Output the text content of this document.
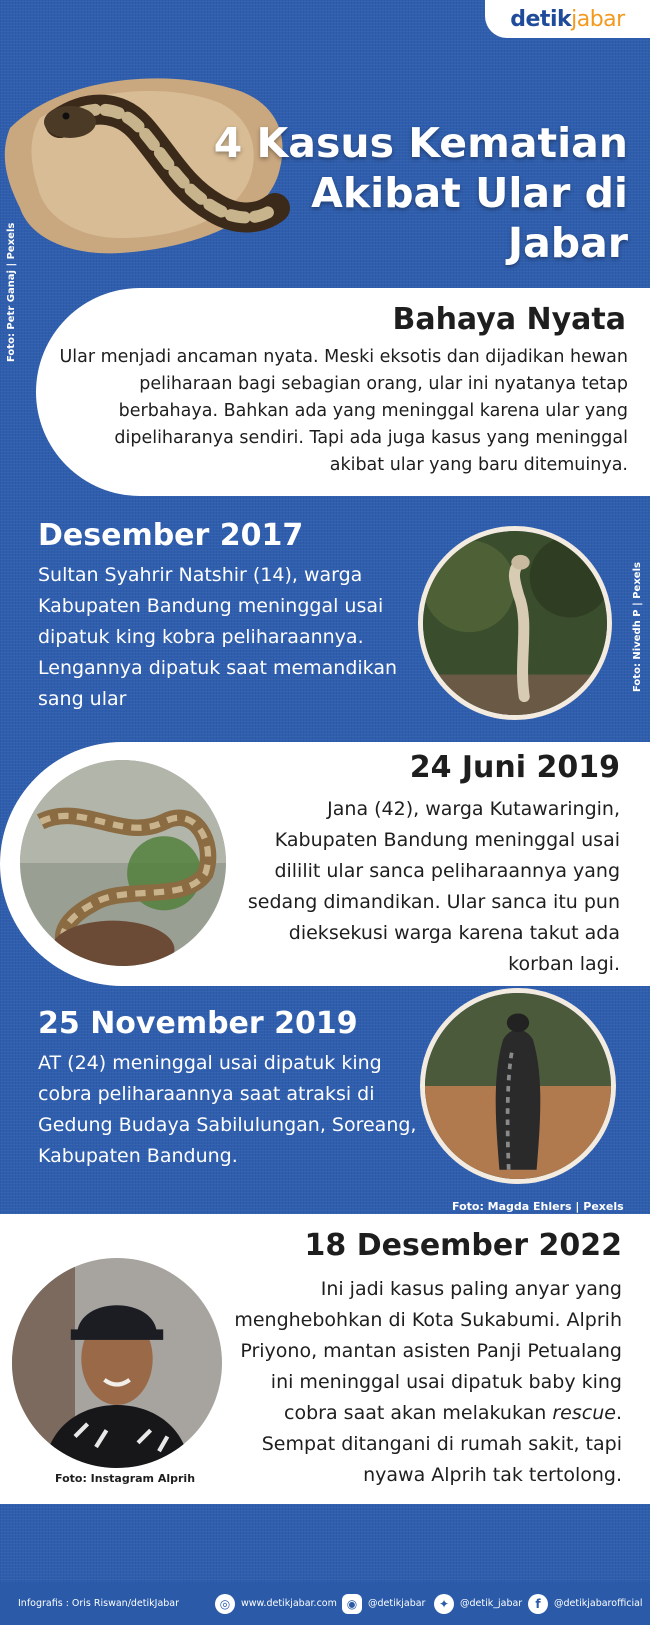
detik jabar
4 Kasus Kematian
Akibat Ular di Jabar
Foto: Petr Ganaj | Pexels	Bahaya Nyata

Ular menjadi ancaman nyata. Meski eksotis dan dijadikan hewan peliharaan bagi sebagian orang, ular ini nyatanya tetap berbahaya. Bahkan ada yang meninggal karena ular yang dipeliharanya sendiri. Tapi ada juga kasus yang meninggal akibat ular yang baru ditemuinya.

Desember 2017

Sultan Syahrir Natshir (14), warga Kabupaten Bandung meninggal usai dipatuk king kobra peliharaannya. Lengannya dipatuk saat memandikan sang ular

Foto: Nivedh P | Pexels
24 Juni 2019

Jana (42), warga Kutawaringin, Kabupaten Bandung meninggal usai dililit ular sanca peliharaannya yang sedang dimandikan. Ular sanca itu pun dieksekusi warga karena takut ada korban lagi.

25 November 2019

AT (24) meninggal usai dipatuk king cobra peliharaannya saat atraksi di Gedung Budaya Sabilulungan, Soreang, Kabupaten Bandung.

Foto: Magda Ehlers | Pexels
Foto: Instagram Alprih
18 Desember 2022

Ini jadi kasus paling anyar yang menghebohkan di Kota Sukabumi. Alprih Priyono, mantan asisten Panji Petualang ini meninggal usai dipatuk baby king cobra saat akan melakukan rescue. Sempat ditangani di rumah sakit, tapi nyawa Alprih tak tertolong.

Infografis : Oris Riswan/detikJabar	◎	www.detikjabar.com ◉	@detikjabar	✦	@detik_jabar	f	@detikjabarofficial
